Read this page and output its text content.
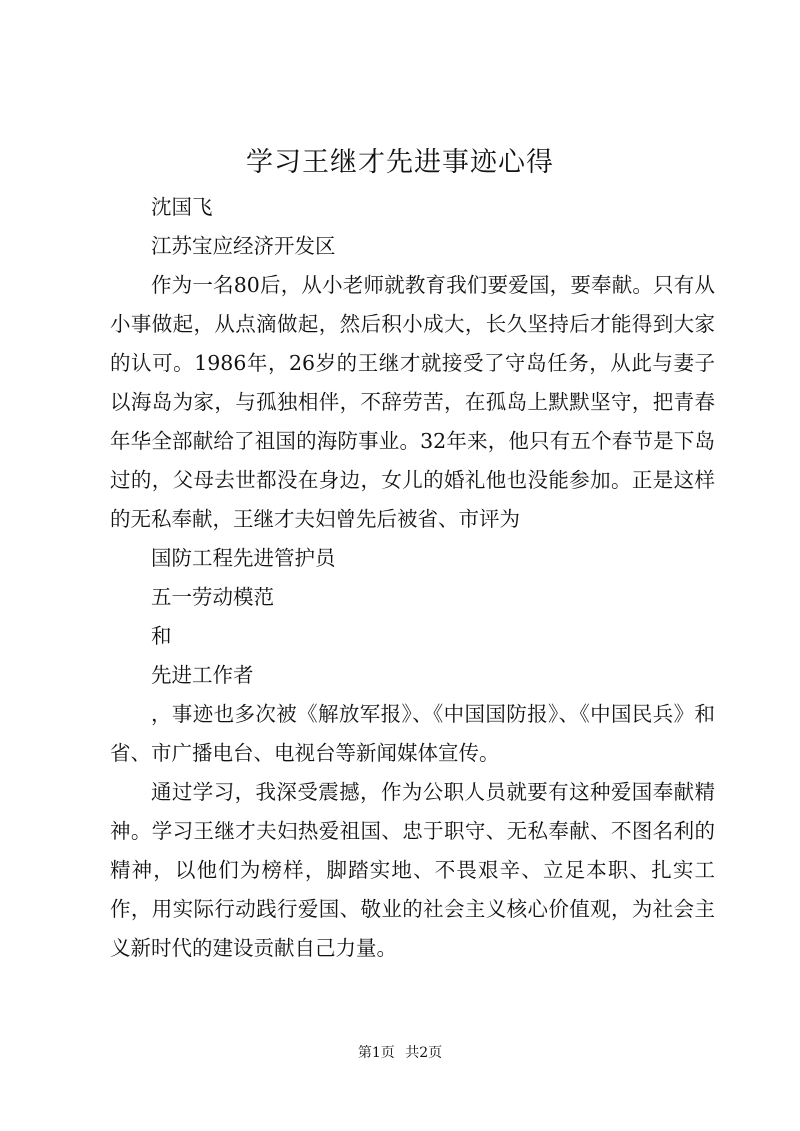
学习王继才先进事迹心得

沈国飞

江苏宝应经济开发区

作为一名80后，从小老师就教育我们要爱国，要奉献。只有从小事做起，从点滴做起，然后积小成大，长久坚持后才能得到大家的认可。1986年，26岁的王继才就接受了守岛任务，从此与妻子以海岛为家，与孤独相伴，不辞劳苦，在孤岛上默默坚守，把青春年华全部献给了祖国的海防事业。32年来，他只有五个春节是下岛过的，父母去世都没在身边，女儿的婚礼他也没能参加。正是这样的无私奉献，王继才夫妇曾先后被省、市评为

国防工程先进管护员

五一劳动模范

和

先进工作者

，事迹也多次被《解放军报》、《中国国防报》、《中国民兵》和省、市广播电台、电视台等新闻媒体宣传。

通过学习，我深受震撼，作为公职人员就要有这种爱国奉献精神。学习王继才夫妇热爱祖国、忠于职守、无私奉献、不图名利的精神，以他们为榜样，脚踏实地、不畏艰辛、立足本职、扎实工作，用实际行动践行爱国、敬业的社会主义核心价值观，为社会主义新时代的建设贡献自己力量。

第1页 共2页
